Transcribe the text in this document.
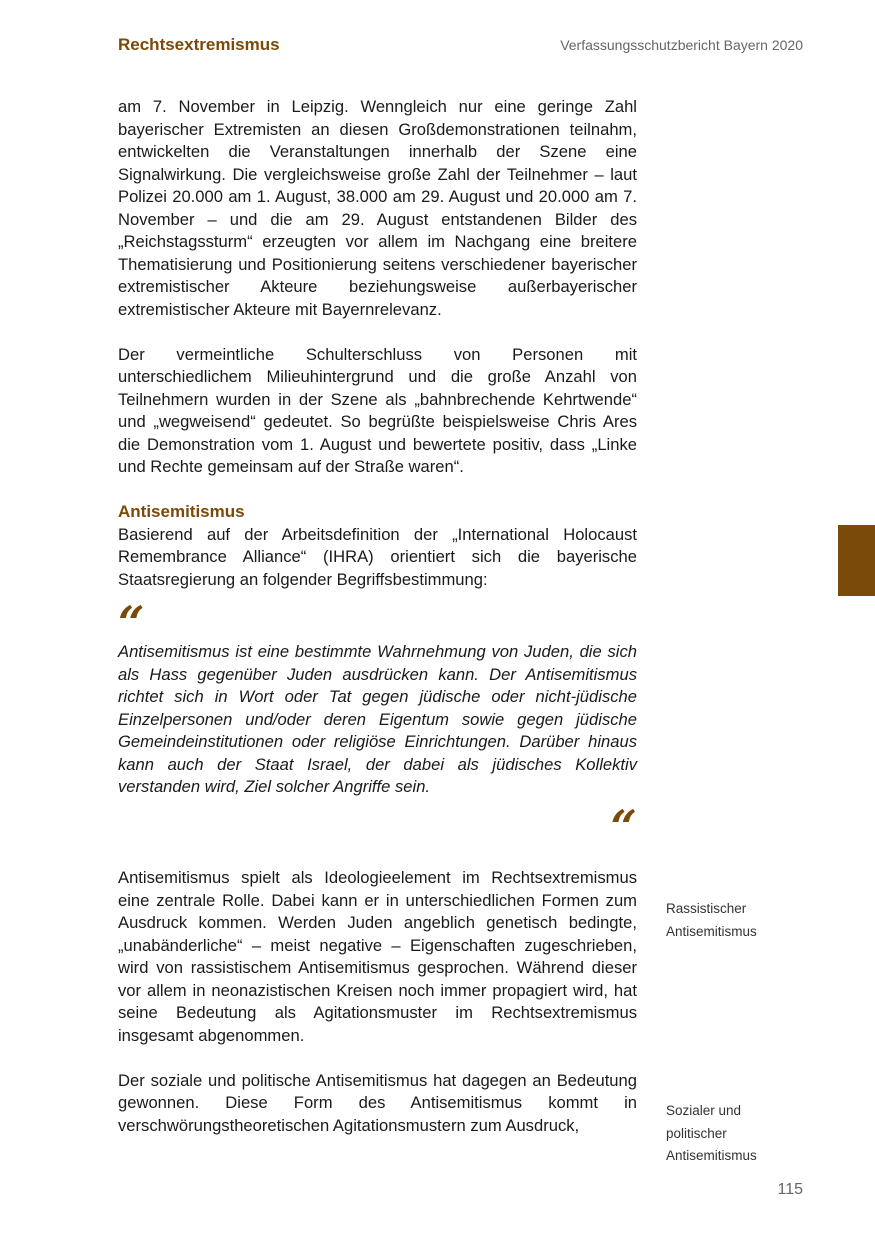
Rechtsextremismus	Verfassungsschutzbericht Bayern 2020

am 7. November in Leipzig. Wenngleich nur eine geringe Zahl bayerischer Extremisten an diesen Großdemonstrationen teilnahm, entwickelten die Veranstaltungen innerhalb der Szene eine Signalwirkung. Die vergleichsweise große Zahl der Teilnehmer – laut Polizei 20.000 am 1. August, 38.000 am 29. August und 20.000 am 7. November – und die am 29. August entstandenen Bilder des „Reichstagssturm“ erzeugten vor allem im Nachgang eine breitere Thematisierung und Positionierung seitens verschiedener bayerischer extremistischer Akteure beziehungsweise außerbayerischer extremistischer Akteure mit Bayernrelevanz.

Der vermeintliche Schulterschluss von Personen mit unterschiedlichem Milieuhintergrund und die große Anzahl von Teilnehmern wurden in der Szene als „bahnbrechende Kehrtwende“ und „wegweisend“ gedeutet. So begrüßte beispielsweise Chris Ares die Demonstration vom 1. August und bewertete positiv, dass „Linke und Rechte gemeinsam auf der Straße waren“.

Antisemitismus

Basierend auf der Arbeitsdefinition der „International Holocaust Remembrance Alliance“ (IHRA) orientiert sich die bayerische Staatsregierung an folgender Begriffsbestimmung:

“

Antisemitismus ist eine bestimmte Wahrnehmung von Juden, die sich als Hass gegenüber Juden ausdrücken kann. Der Antisemitismus richtet sich in Wort oder Tat gegen jüdische oder nicht-jüdische Einzelpersonen und/oder deren Eigentum sowie gegen jüdische Gemeindeinstitutionen oder religiöse Einrichtungen. Darüber hinaus kann auch der Staat Israel, der dabei als jüdisches Kollektiv verstanden wird, Ziel solcher Angriffe sein.

“

Antisemitismus spielt als Ideologieelement im Rechtsextremismus eine zentrale Rolle. Dabei kann er in unterschiedlichen Formen zum Ausdruck kommen. Werden Juden angeblich genetisch bedingte, „unabänderliche“ – meist negative – Eigenschaften zugeschrieben, wird von rassistischem Antisemitismus gesprochen. Während dieser vor allem in neonazistischen Kreisen noch immer propagiert wird, hat seine Bedeutung als Agitationsmuster im Rechtsextremismus insgesamt abgenommen.

Der soziale und politische Antisemitismus hat dagegen an Bedeutung gewonnen. Diese Form des Antisemitismus kommt in verschwörungstheoretischen Agitationsmustern zum Ausdruck,

Rassistischer Antisemitismus
Sozialer und politischer Antisemitismus
115
